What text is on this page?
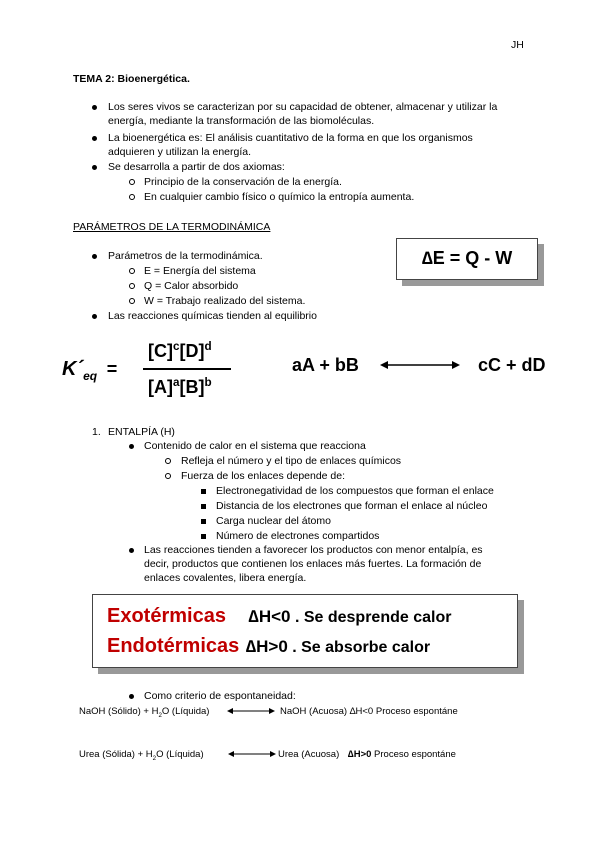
JH
TEMA 2: Bioenergética.
Los seres vivos se caracterizan por su capacidad de obtener, almacenar y utilizar la
energía, mediante la transformación de las biomoléculas.
La bioenergética es: El análisis cuantitativo de la forma en que los organismos
adquieren y utilizan la energía.
Se desarrolla a partir de dos axiomas:
Principio de la conservación de la energía.
En cualquier cambio físico o químico la entropía aumenta.
PARÁMETROS DE LA TERMODINÁMICA
Parámetros de la termodinámica.
E = Energía del sistema
Q = Calor absorbido
W = Trabajo realizado del sistema.
Las reacciones químicas tienden al equilibrio
∆E = Q - W
$K´_{eq}$ =
$[C]^c[D]^d$
$[A]^a[B]^b$
aA + bB	cC + dD
1. ENTALPÍA (H)
Contenido de calor en el sistema que reacciona
Refleja el número y el tipo de enlaces químicos
Fuerza de los enlaces depende de:
Electronegatividad de los compuestos que forman el enlace
Distancia de los electrones que forman el enlace al núcleo
Carga nuclear del átomo
Número de electrones compartidos
Las reacciones tienden a favorecer los productos con menor entalpía, es
decir, productos que contienen los enlaces más fuertes. La formación de
enlaces covalentes, libera energía.
Exotérmicas ∆H<0 . Se desprende calor
Endotérmicas ∆H>0 . Se absorbe calor
Como criterio de espontaneidad:
NaOH (Sólido) + $H_2O$ (Líquida)	NaOH (Acuosa) ∆H<0 Proceso espontáne
Urea (Sólida) + $H_2O$ (Líquida)	Urea (Acuosa) ∆H>0 Proceso espontáne
